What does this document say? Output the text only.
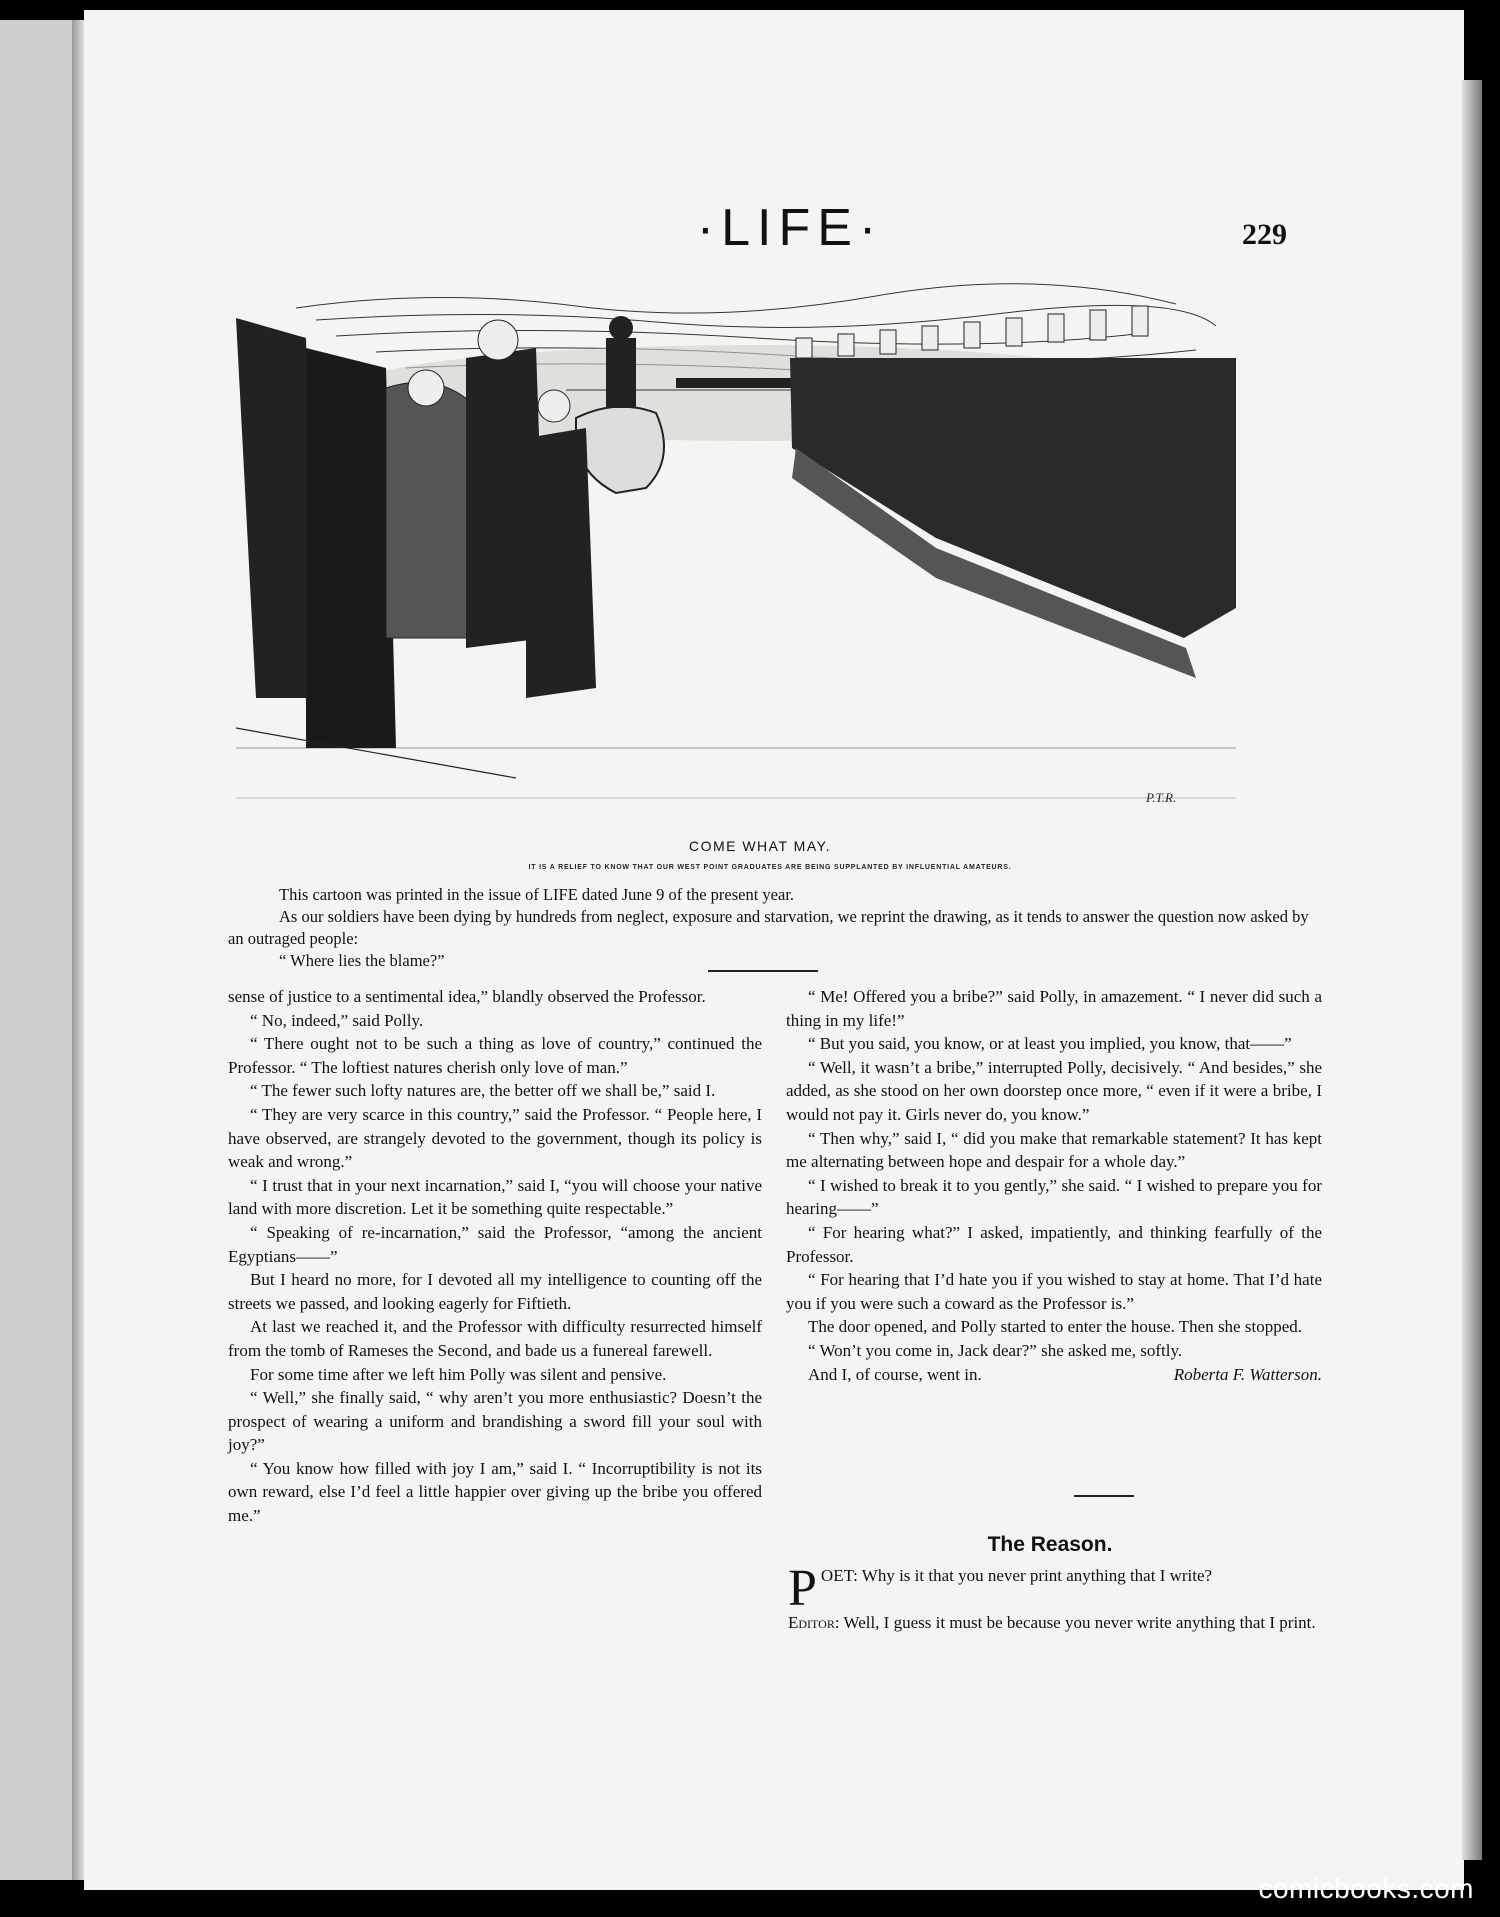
·LIFE·	229
P.T.R.
COME WHAT MAY.
IT IS A RELIEF TO KNOW THAT OUR WEST POINT GRADUATES ARE BEING SUPPLANTED BY INFLUENTIAL AMATEURS.
This cartoon was printed in the issue of LIFE dated June 9 of the present year.
As our soldiers have been dying by hundreds from neglect, exposure and starvation, we reprint the drawing, as it tends to answer the question now asked by an outraged people:
“ Where lies the blame?”

sense of justice to a sentimental idea,” blandly observed the Professor.

“ No, indeed,” said Polly.

“ There ought not to be such a thing as love of country,” continued the Professor. “ The loftiest natures cherish only love of man.”

“ The fewer such lofty natures are, the better off we shall be,” said I.

“ They are very scarce in this country,” said the Professor. “ People here, I have observed, are strangely devoted to the government, though its policy is weak and wrong.”

“ I trust that in your next incarnation,” said I, “you will choose your native land with more discretion. Let it be something quite respectable.”

“ Speaking of re-incarnation,” said the Professor, “among the ancient Egyptians——”

But I heard no more, for I devoted all my intelligence to counting off the streets we passed, and looking eagerly for Fiftieth.

At last we reached it, and the Professor with difficulty resurrected himself from the tomb of Rameses the Second, and bade us a funereal farewell.

For some time after we left him Polly was silent and pensive.

“ Well,” she finally said, “ why aren’t you more enthusiastic? Doesn’t the prospect of wearing a uniform and brandishing a sword fill your soul with joy?”

“ You know how filled with joy I am,” said I. “ Incorruptibility is not its own reward, else I’d feel a little happier over giving up the bribe you offered me.”

“ Me! Offered you a bribe?” said Polly, in amazement. “ I never did such a thing in my life!”

“ But you said, you know, or at least you implied, you know, that——”

“ Well, it wasn’t a bribe,” interrupted Polly, decisively. “ And besides,” she added, as she stood on her own doorstep once more, “ even if it were a bribe, I would not pay it. Girls never do, you know.”

“ Then why,” said I, “ did you make that remarkable statement? It has kept me alternating between hope and despair for a whole day.”

“ I wished to break it to you gently,” she said. “ I wished to prepare you for hearing——”

“ For hearing what?” I asked, impatiently, and thinking fearfully of the Professor.

“ For hearing that I’d hate you if you wished to stay at home. That I’d hate you if you were such a coward as the Professor is.”

The door opened, and Polly started to enter the house. Then she stopped.

“ Won’t you come in, Jack dear?” she asked me, softly.

And I, of course, went in.	Roberta F. Watterson.

The Reason.

POET: Why is it that you never print anything that I write?

Editor: Well, I guess it must be because you never write anything that I print.

comicbooks.com
